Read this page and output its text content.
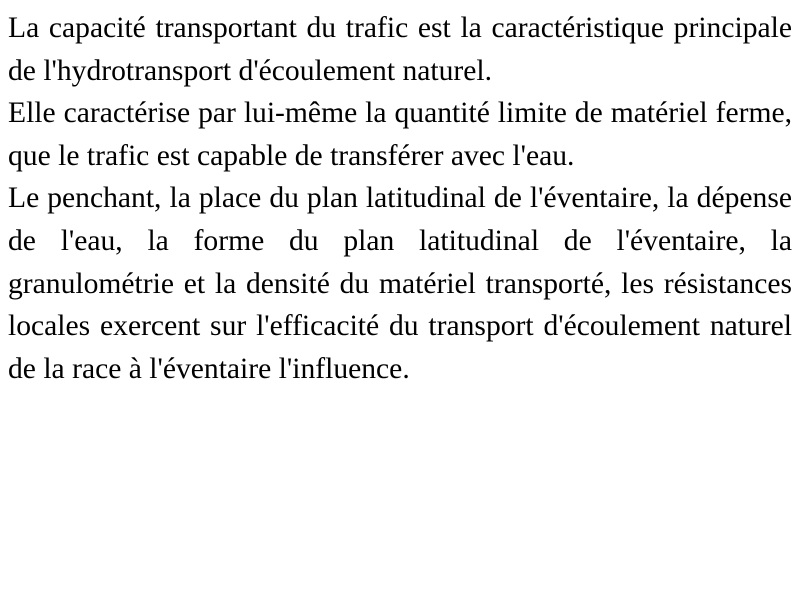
La capacité transportant du trafic est la caractéristique principale de l'hydrotransport d'écoulement naturel.

Elle caractérise par lui-même la quantité limite de matériel ferme, que le trafic est capable de transférer avec l'eau.

Le penchant, la place du plan latitudinal de l'éventaire, la dépense de l'eau, la forme du plan latitudinal de l'éventaire, la granulométrie et la densité du matériel transporté, les résistances locales exercent sur l'efficacité du transport d'écoulement naturel de la race à l'éventaire l'influence.
